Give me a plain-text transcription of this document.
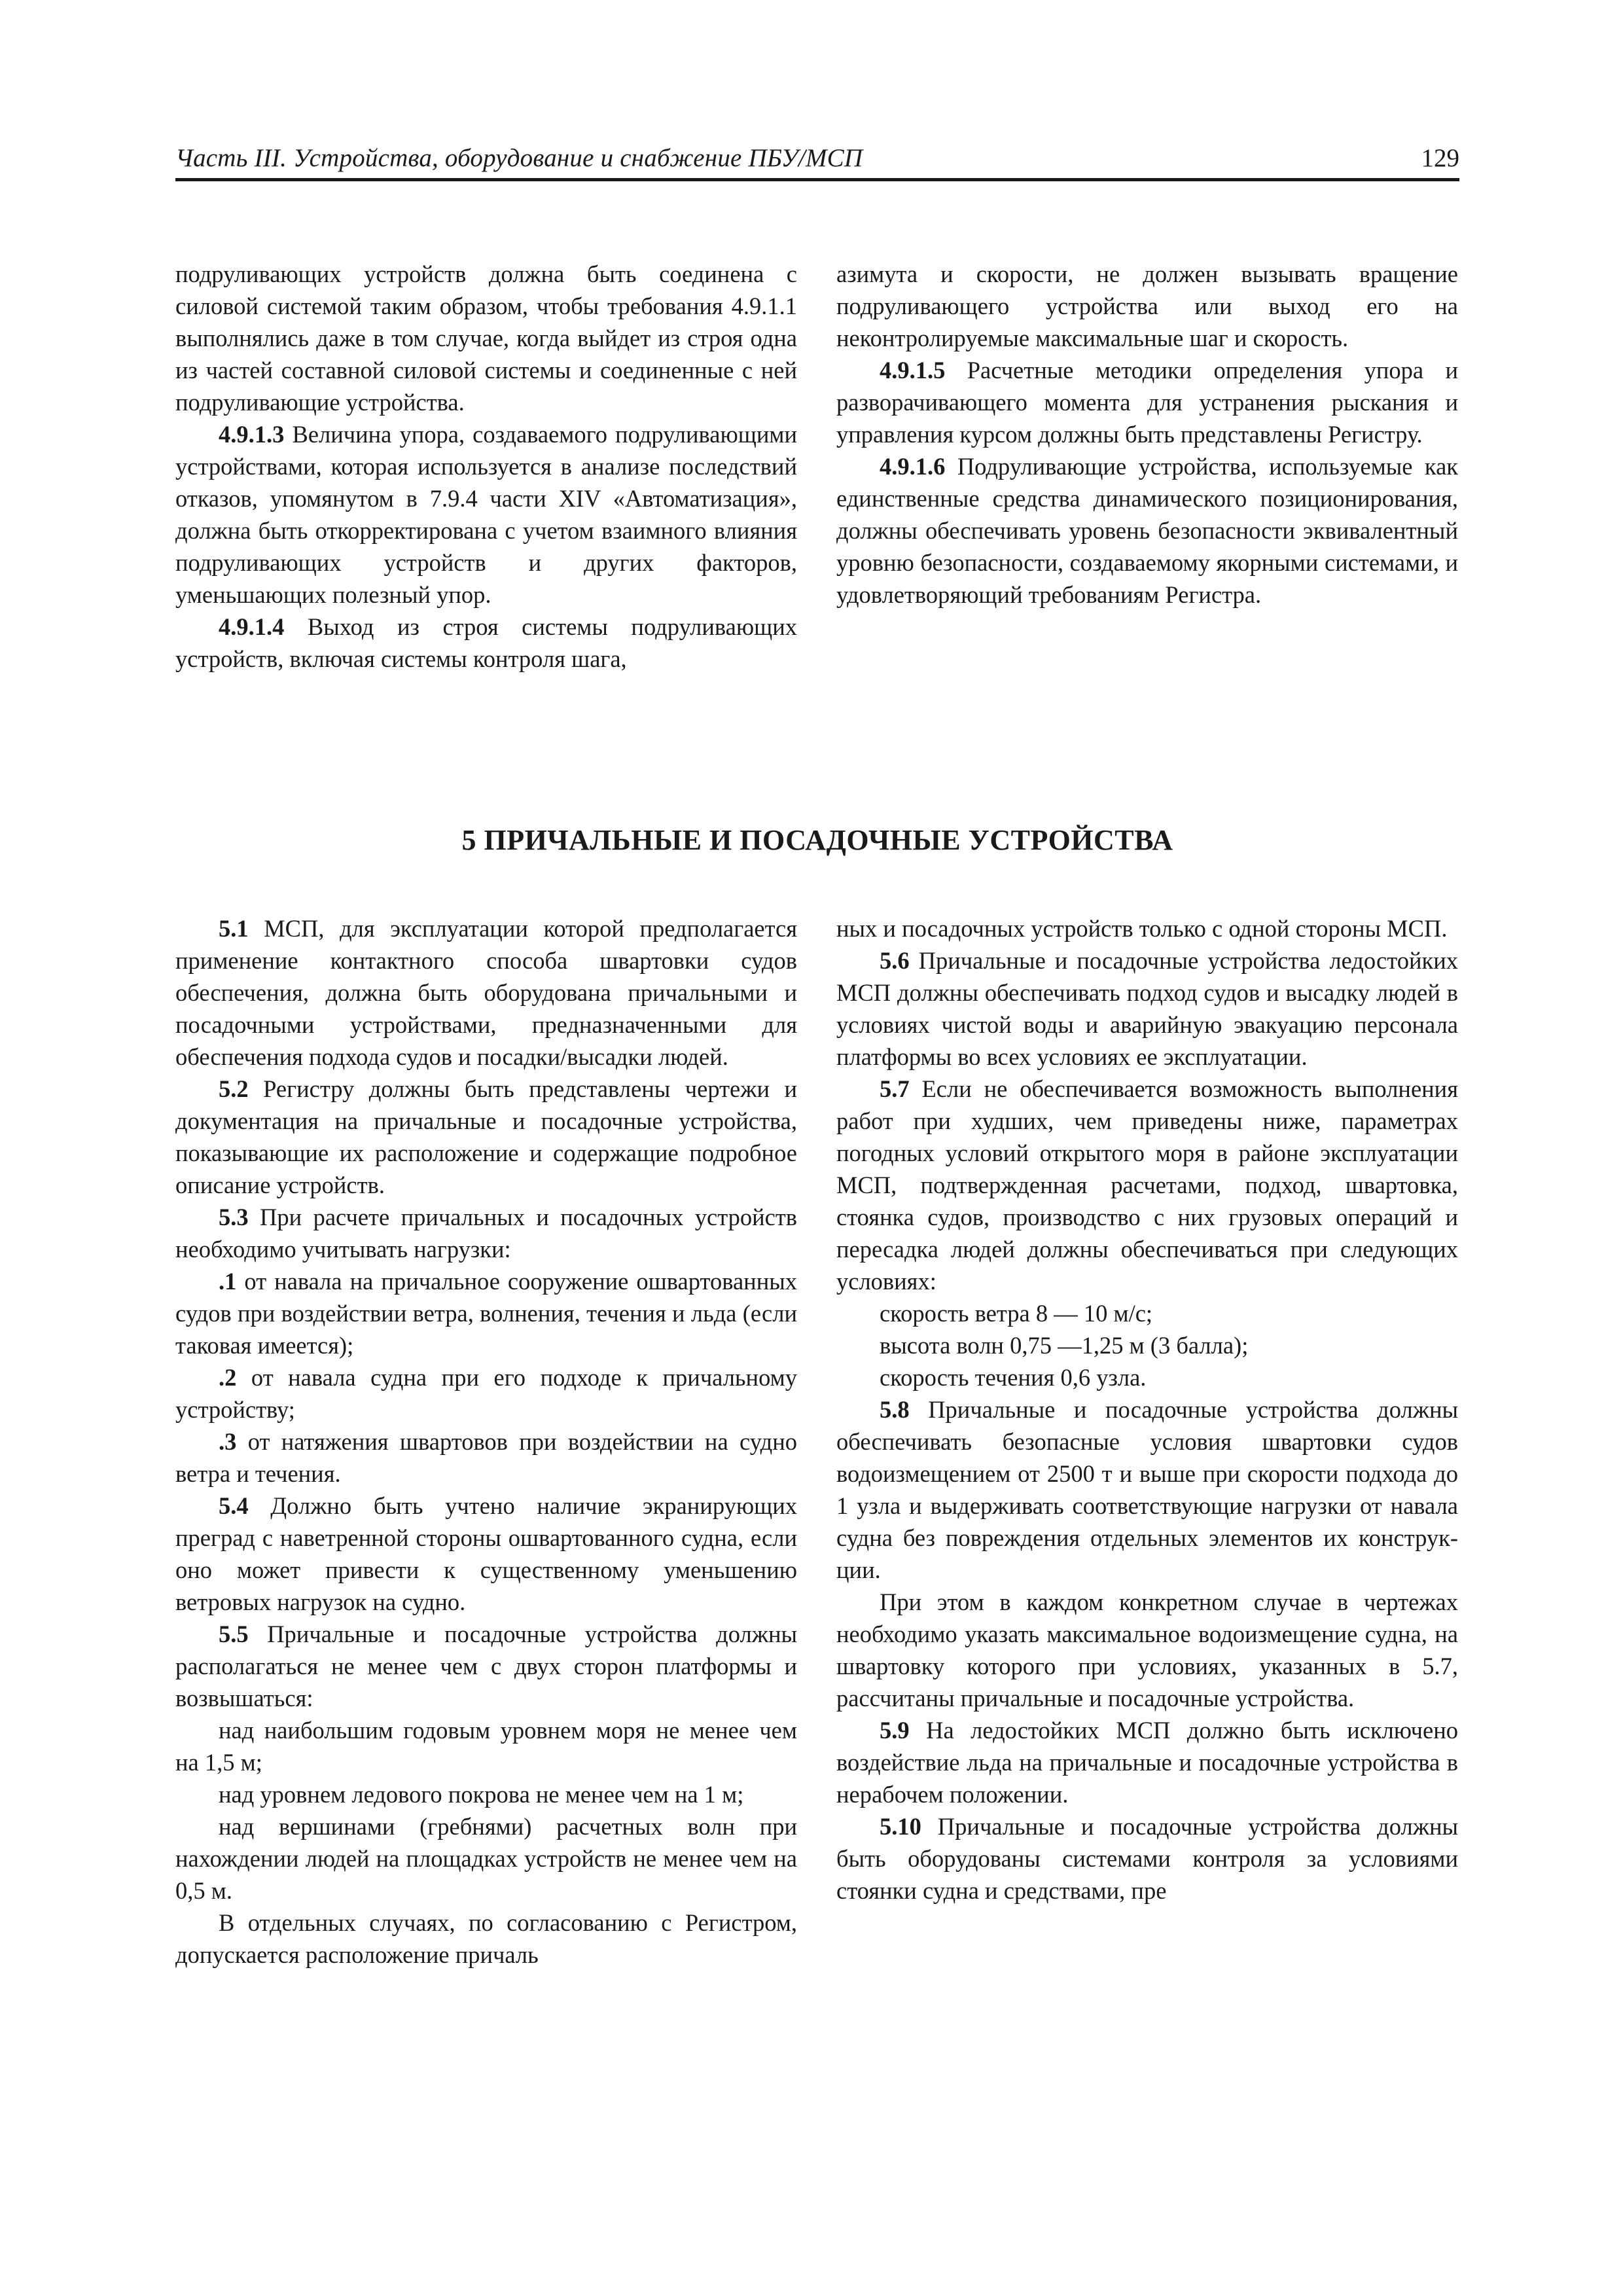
Часть III. Устройства, оборудование и снабжение ПБУ/МСП	129

подруливающих устройств должна быть соединена с силовой системой таким образом, чтобы требования 4.9.1.1 выполнялись даже в том случае, когда выйдет из строя одна из частей составной силовой системы и соединенные с ней подруливающие устройства.

4.9.1.3 Величина упора, создаваемого подруливающими устройствами, которая используется в анализе последствий отказов, упомянутом в 7.9.4 части XIV «Автоматизация», должна быть откорректирована с учетом взаимного влияния подруливающих устройств и других факторов, уменьшающих полезный упор.

4.9.1.4 Выход из строя системы подруливающих устройств, включая системы контроля шага,

азимута и скорости, не должен вызывать вращение подруливающего устройства или выход его на неконтролируемые максимальные шаг и скорость.

4.9.1.5 Расчетные методики определения упора и разворачивающего момента для устранения рыскания и управления курсом должны быть представлены Регистру.

4.9.1.6 Подруливающие устройства, используемые как единственные средства динамического позиционирования, должны обеспечивать уровень безопасности эквивалентный уровню безопасности, создаваемому якорными системами, и удовлетворяющий требованиям Регистра.

5 ПРИЧАЛЬНЫЕ И ПОСАДОЧНЫЕ УСТРОЙСТВА

5.1 МСП, для эксплуатации которой предполагается применение контактного способа швартовки судов обеспечения, должна быть оборудована причальными и посадочными устройствами, предназначенными для обеспечения подхода судов и посадки/высадки людей.

5.2 Регистру должны быть представлены чертежи и документация на причальные и посадочные устройства, показывающие их расположение и содержащие подробное описание устройств.

5.3 При расчете причальных и посадочных устройств необходимо учитывать нагрузки:

.1 от навала на причальное сооружение ошвартованных судов при воздействии ветра, волнения, течения и льда (если таковая имеется);

.2 от навала судна при его подходе к причальному устройству;

.3 от натяжения швартовов при воздействии на судно ветра и течения.

5.4 Должно быть учтено наличие экранирующих преград с наветренной стороны ошвартованного судна, если оно может привести к существенному уменьшению ветровых нагрузок на судно.

5.5 Причальные и посадочные устройства должны располагаться не менее чем с двух сторон платформы и возвышаться:

над наибольшим годовым уровнем моря не менее чем на 1,5 м;

над уровнем ледового покрова не менее чем на 1 м;

над вершинами (гребнями) расчетных волн при нахождении людей на площадках устройств не менее чем на 0,5 м.

В отдельных случаях, по согласованию с Регистром, допускается расположение причаль

ных и посадочных устройств только с одной стороны МСП.

5.6 Причальные и посадочные устройства ледостойких МСП должны обеспечивать подход судов и высадку людей в условиях чистой воды и аварийную эвакуацию персонала платформы во всех условиях ее эксплуатации.

5.7 Если не обеспечивается возможность выполнения работ при худших, чем приведены ниже, параметрах погодных условий открытого моря в районе эксплуатации МСП, подтвержденная расчетами, подход, швартовка, стоянка судов, производство с них грузовых операций и пересадка людей должны обеспечиваться при следующих условиях:

скорость ветра 8 — 10 м/с;

высота волн 0,75 —1,25 м (3 балла);

скорость течения 0,6 узла.

5.8 Причальные и посадочные устройства должны обеспечивать безопасные условия швартовки судов водоизмещением от 2500 т и выше при скорости подхода до 1 узла и выдерживать соответствующие нагрузки от навала судна без повреждения отдельных элементов их конструкции.

При этом в каждом конкретном случае в чертежах необходимо указать максимальное водоизмещение судна, на швартовку которого при условиях, указанных в 5.7, рассчитаны причальные и посадочные устройства.

5.9 На ледостойких МСП должно быть исключено воздействие льда на причальные и посадочные устройства в нерабочем положении.

5.10 Причальные и посадочные устройства должны быть оборудованы системами контроля за условиями стоянки судна и средствами, пре
